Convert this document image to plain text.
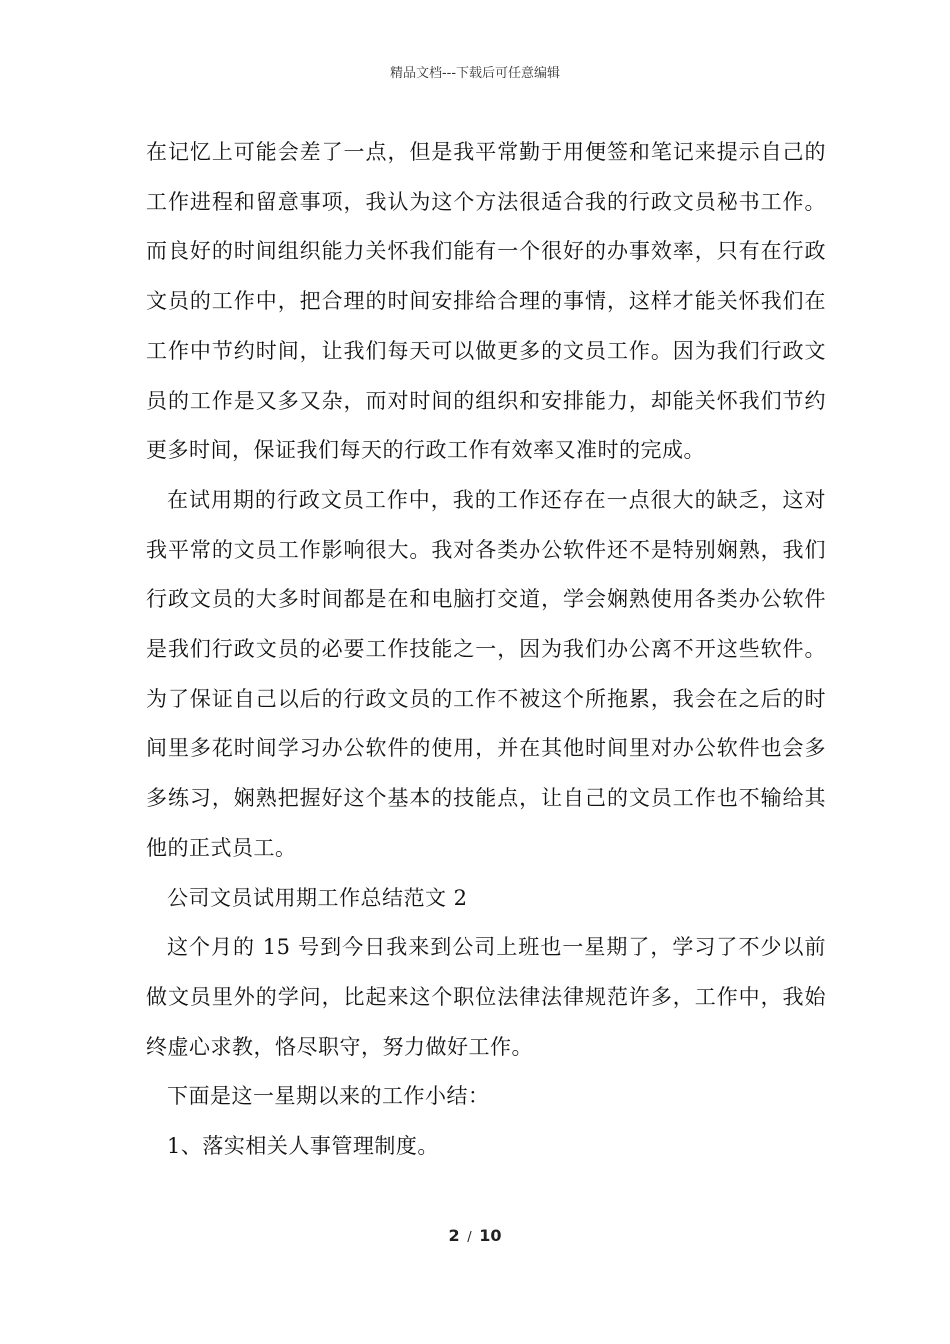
精品文档---下载后可任意编辑

在记忆上可能会差了一点，但是我平常勤于用便签和笔记来提示自己的工作进程和留意事项，我认为这个方法很适合我的行政文员秘书工作。而良好的时间组织能力关怀我们能有一个很好的办事效率，只有在行政文员的工作中，把合理的时间安排给合理的事情，这样才能关怀我们在工作中节约时间，让我们每天可以做更多的文员工作。因为我们行政文员的工作是又多又杂，而对时间的组织和安排能力，却能关怀我们节约更多时间，保证我们每天的行政工作有效率又准时的完成。

在试用期的行政文员工作中，我的工作还存在一点很大的缺乏，这对我平常的文员工作影响很大。我对各类办公软件还不是特别娴熟，我们行政文员的大多时间都是在和电脑打交道，学会娴熟使用各类办公软件是我们行政文员的必要工作技能之一，因为我们办公离不开这些软件。为了保证自己以后的行政文员的工作不被这个所拖累，我会在之后的时间里多花时间学习办公软件的使用，并在其他时间里对办公软件也会多多练习，娴熟把握好这个基本的技能点，让自己的文员工作也不输给其他的正式员工。

公司文员试用期工作总结范文 2

这个月的 15 号到今日我来到公司上班也一星期了，学习了不少以前做文员里外的学问，比起来这个职位法律法律规范许多，工作中，我始终虚心求教，恪尽职守，努力做好工作。

下面是这一星期以来的工作小结：

1、落实相关人事管理制度。

2 / 10
